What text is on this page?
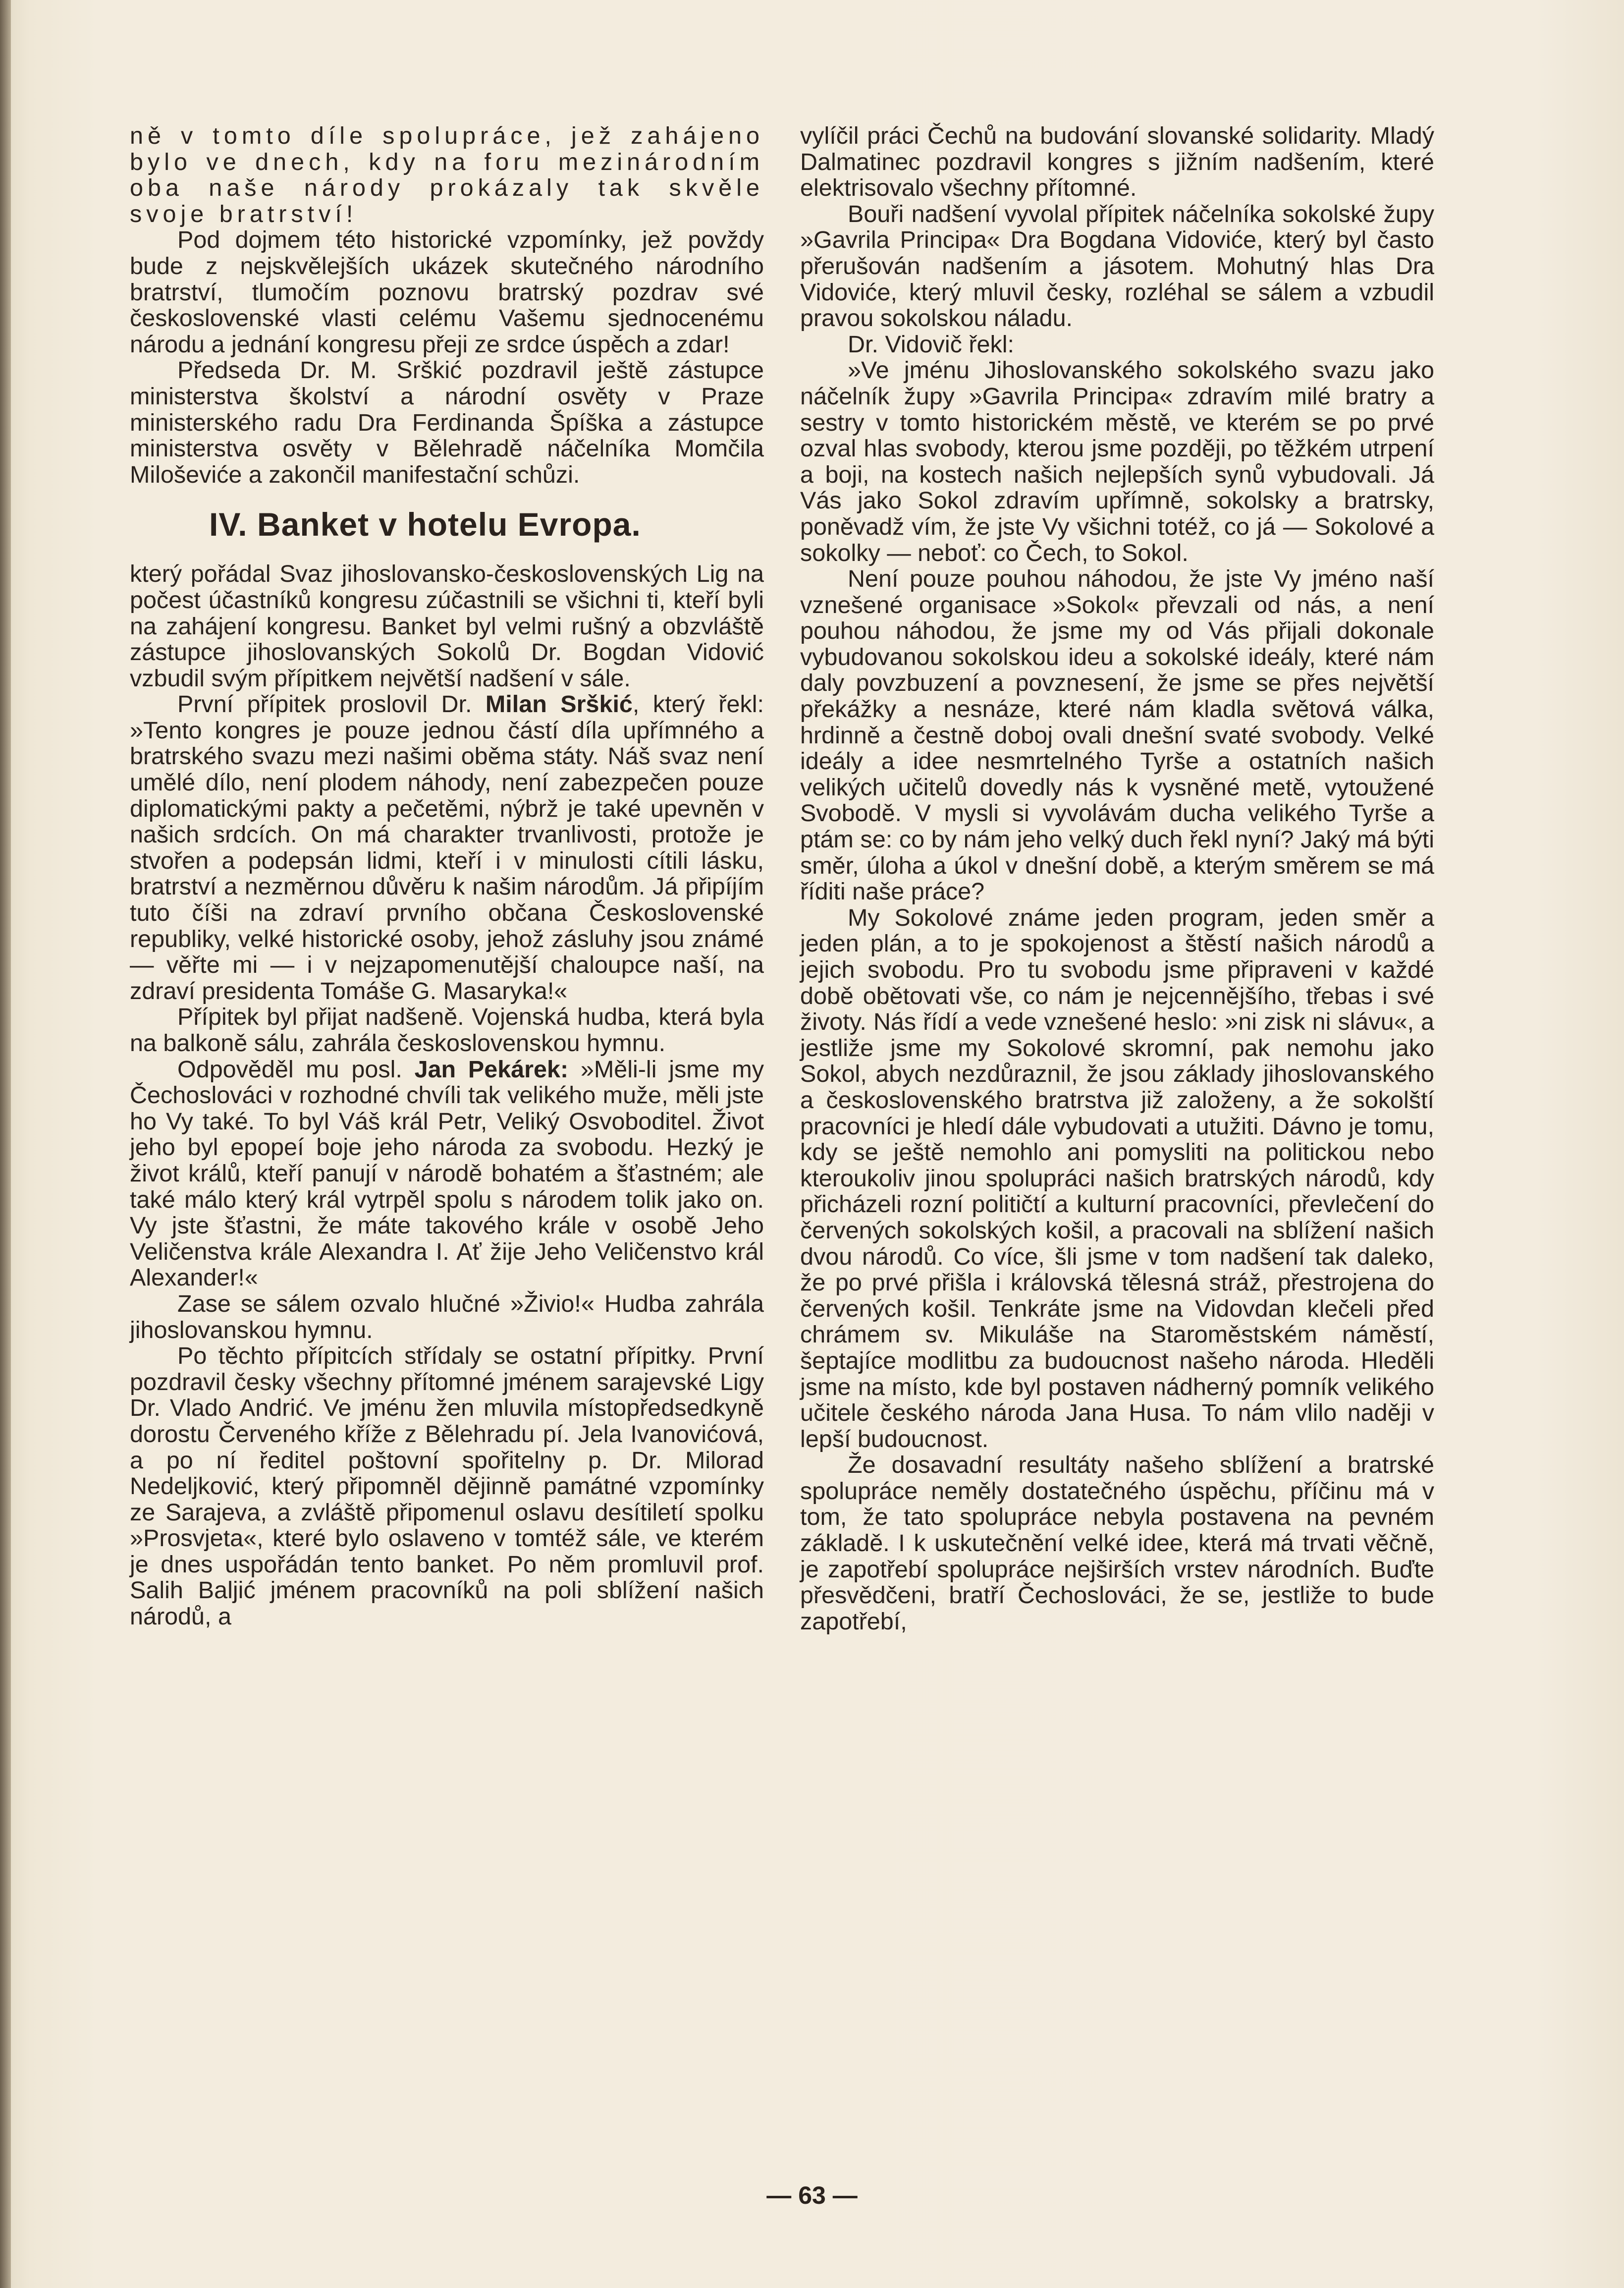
ně v tomto díle spolupráce, jež zahájeno bylo ve dnech, kdy na foru mezinárodním oba naše národy prokázaly tak skvěle svoje bratrství!

Pod dojmem této historické vzpomínky, jež povždy bude z nejskvělejších ukázek skutečného národního bratrství, tlumočím poznovu bratrský pozdrav své československé vlasti celému Vašemu sjednocenému národu a jednání kongresu přeji ze srdce úspěch a zdar!

Předseda Dr. M. Srškić pozdravil ještě zástupce ministerstva školství a národní osvěty v Praze ministerského radu Dra Ferdinanda Špíška a zástupce ministerstva osvěty v Bělehradě náčelníka Momčila Miloševiće a zakončil manifestační schůzi.

IV. Banket v hotelu Evropa.

který pořádal Svaz jihoslovansko-československých Lig na počest účastníků kongresu zúčastnili se všichni ti, kteří byli na zahájení kongresu. Banket byl velmi rušný a obzvláště zástupce jihoslovanských Sokolů Dr. Bogdan Vidović vzbudil svým přípitkem největší nadšení v sále.

První přípitek proslovil Dr. Milan Srškić, který řekl: »Tento kongres je pouze jednou částí díla upřímného a bratrského svazu mezi našimi oběma státy. Náš svaz není umělé dílo, není plodem náhody, není zabezpečen pouze diplomatickými pakty a pečetěmi, nýbrž je také upevněn v našich srdcích. On má charakter trvanlivosti, protože je stvořen a podepsán lidmi, kteří i v minulosti cítili lásku, bratrství a nezměrnou důvěru k našim národům. Já připíjím tuto číši na zdraví prvního občana Československé republiky, velké historické osoby, jehož zásluhy jsou známé — věřte mi — i v nejzapomenutější chaloupce naší, na zdraví presidenta Tomáše G. Masaryka!«

Přípitek byl přijat nadšeně. Vojenská hudba, která byla na balkoně sálu, zahrála československou hymnu.

Odpověděl mu posl. Jan Pekárek: »Měli-li jsme my Čechoslováci v rozhodné chvíli tak velikého muže, měli jste ho Vy také. To byl Váš král Petr, Veliký Osvoboditel. Život jeho byl epopeí boje jeho národa za svobodu. Hezký je život králů, kteří panují v národě bohatém a šťastném; ale také málo který král vytrpěl spolu s národem tolik jako on. Vy jste šťastni, že máte takového krále v osobě Jeho Veličenstva krále Alexandra I. Ať žije Jeho Veličenstvo král Alexander!«

Zase se sálem ozvalo hlučné »Živio!« Hudba zahrála jihoslovanskou hymnu.

Po těchto přípitcích střídaly se ostatní přípitky. První pozdravil česky všechny přítomné jménem sarajevské Ligy Dr. Vlado Andrić. Ve jménu žen mluvila místopředsedkyně dorostu Červeného kříže z Bělehradu pí. Jela Ivanovićová, a po ní ředitel poštovní spořitelny p. Dr. Milorad Nedeljković, který připomněl dějinně památné vzpomínky ze Sarajeva, a zvláště připomenul oslavu desítiletí spolku »Prosvjeta«, které bylo oslaveno v tomtéž sále, ve kterém je dnes uspořádán tento banket. Po něm promluvil prof. Salih Baljić jménem pracovníků na poli sblížení našich národů, a

vylíčil práci Čechů na budování slovanské solidarity. Mladý Dalmatinec pozdravil kongres s jižním nadšením, které elektrisovalo všechny přítomné.

Bouři nadšení vyvolal přípitek náčelníka sokolské župy »Gavrila Principa« Dra Bogdana Vidoviće, který byl často přerušován nadšením a jásotem. Mohutný hlas Dra Vidoviće, který mluvil česky, rozléhal se sálem a vzbudil pravou sokolskou náladu.

Dr. Vidovič řekl:

»Ve jménu Jihoslovanského sokolského svazu jako náčelník župy »Gavrila Principa« zdravím milé bratry a sestry v tomto historickém městě, ve kterém se po prvé ozval hlas svobody, kterou jsme později, po těžkém utrpení a boji, na kostech našich nejlepších synů vybudovali. Já Vás jako Sokol zdravím upřímně, sokolsky a bratrsky, poněvadž vím, že jste Vy všichni totéž, co já — Sokolové a sokolky — neboť: co Čech, to Sokol.

Není pouze pouhou náhodou, že jste Vy jméno naší vznešené organisace »Sokol« převzali od nás, a není pouhou náhodou, že jsme my od Vás přijali dokonale vybudovanou sokolskou ideu a sokolské ideály, které nám daly povzbuzení a povznesení, že jsme se přes největší překážky a nesnáze, které nám kladla světová válka, hrdinně a čestně doboj ovali dnešní svaté svobody. Velké ideály a idee nesmrtelného Tyrše a ostatních našich velikých učitelů dovedly nás k vysněné metě, vytoužené Svobodě. V mysli si vyvolávám ducha velikého Tyrše a ptám se: co by nám jeho velký duch řekl nyní? Jaký má býti směr, úloha a úkol v dnešní době, a kterým směrem se má říditi naše práce?

My Sokolové známe jeden program, jeden směr a jeden plán, a to je spokojenost a štěstí našich národů a jejich svobodu. Pro tu svobodu jsme připraveni v každé době obětovati vše, co nám je nejcennějšího, třebas i své životy. Nás řídí a vede vznešené heslo: »ni zisk ni slávu«, a jestliže jsme my Sokolové skromní, pak nemohu jako Sokol, abych nezdůraznil, že jsou základy jihoslovanského a československého bratrstva již založeny, a že sokolští pracovníci je hledí dále vybudovati a utužiti. Dávno je tomu, kdy se ještě nemohlo ani pomysliti na politickou nebo kteroukoliv jinou spolupráci našich bratrských národů, kdy přicházeli rozní političtí a kulturní pracovníci, převlečení do červených sokolských košil, a pracovali na sblížení našich dvou národů. Co více, šli jsme v tom nadšení tak daleko, že po prvé přišla i královská tělesná stráž, přestrojena do červených košil. Tenkráte jsme na Vidovdan klečeli před chrámem sv. Mikuláše na Staroměstském náměstí, šeptajíce modlitbu za budoucnost našeho národa. Hleděli jsme na místo, kde byl postaven nádherný pomník velikého učitele českého národa Jana Husa. To nám vlilo naději v lepší budoucnost.

Že dosavadní resultáty našeho sblížení a bratrské spolupráce neměly dostatečného úspěchu, příčinu má v tom, že tato spolupráce nebyla postavena na pevném základě. I k uskutečnění velké idee, která má trvati věčně, je zapotřebí spolupráce nejširších vrstev národních. Buďte přesvědčeni, bratří Čechoslováci, že se, jestliže to bude zapotřebí,

— 63 —
